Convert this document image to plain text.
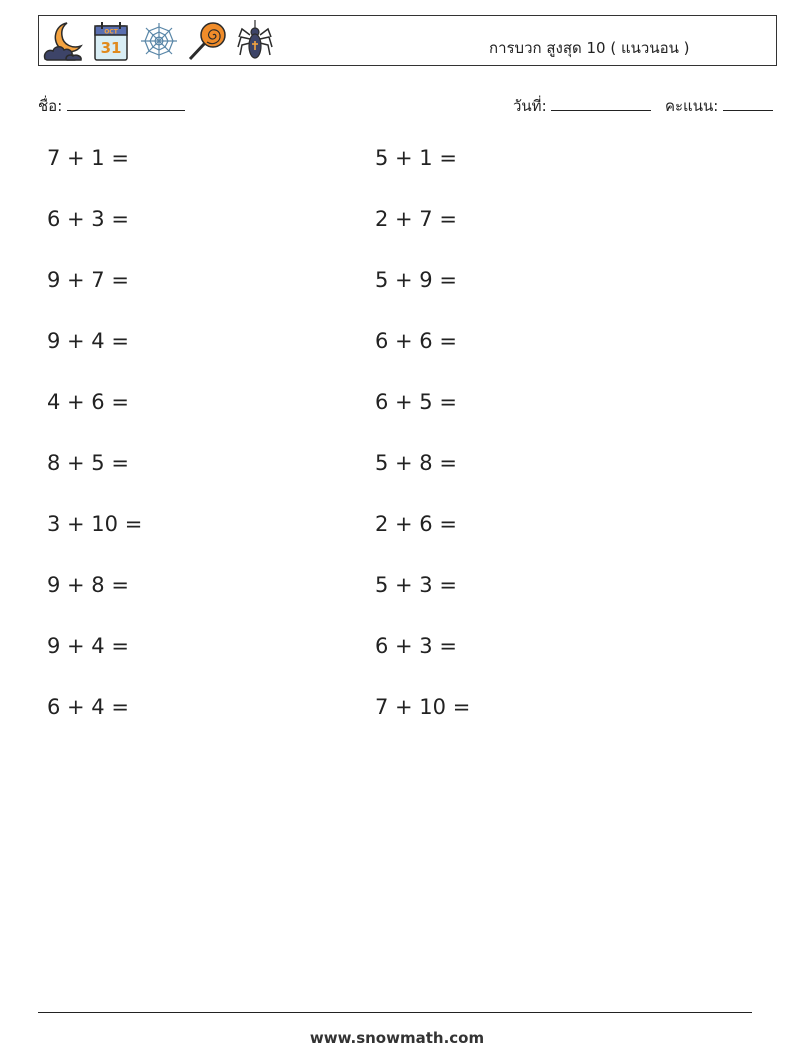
OCT
31	การบวก สูงสุด 10 ( แนวนอน )
ชื่อ:	วันที่:	คะแนน:
7 + 1 =	5 + 1 =
6 + 3 =	2 + 7 =
9 + 7 =	5 + 9 =
9 + 4 =	6 + 6 =
4 + 6 =	6 + 5 =
8 + 5 =	5 + 8 =
3 + 10 =	2 + 6 =
9 + 8 =	5 + 3 =
9 + 4 =	6 + 3 =
6 + 4 =	7 + 10 =
www.snowmath.com
